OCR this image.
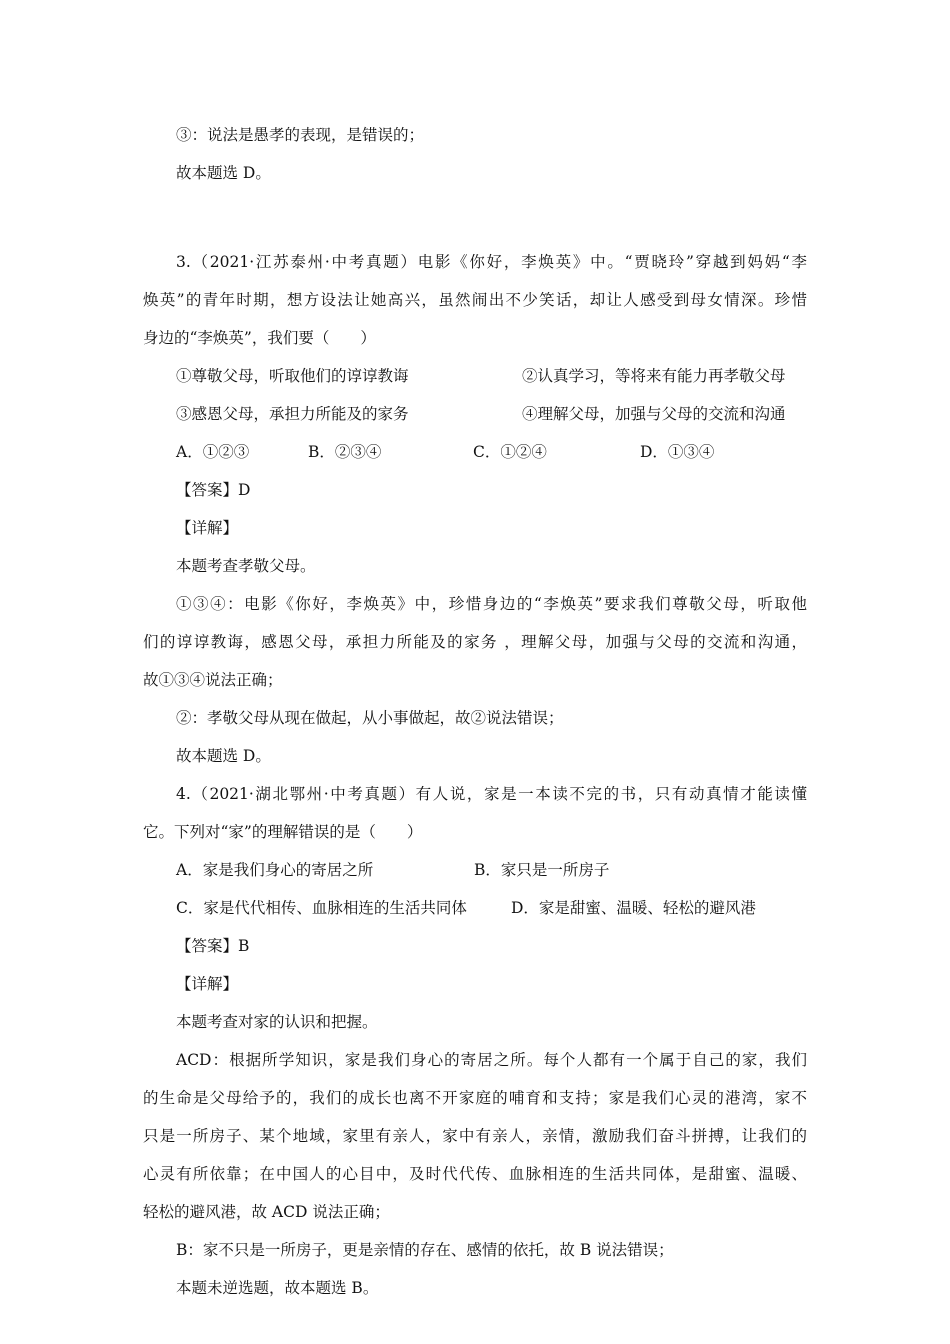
③：说法是愚孝的表现，是错误的；
故本题选 D。
3.（2021·江苏泰州·中考真题）电影《你好，李焕英》中。“贾晓玲”穿越到妈妈“李
焕英”的青年时期，想方设法让她高兴，虽然闹出不少笑话，却让人感受到母女情深。珍惜
身边的“李焕英”，我们要（　　）
①尊敬父母，听取他们的谆谆教诲	②认真学习，等将来有能力再孝敬父母
③感恩父母，承担力所能及的家务	④理解父母，加强与父母的交流和沟通
A．①②③	B．②③④	C．①②④	D．①③④
【答案】D
【详解】
本题考查孝敬父母。
①③④：电影《你好，李焕英》中，珍惜身边的“李焕英”要求我们尊敬父母，听取他
们的谆谆教诲，感恩父母，承担力所能及的家务 ，理解父母，加强与父母的交流和沟通，
故①③④说法正确；
②：孝敬父母从现在做起，从小事做起，故②说法错误；
故本题选 D。
4.（2021·湖北鄂州·中考真题）有人说，家是一本读不完的书，只有动真情才能读懂
它。下列对“家”的理解错误的是（　　）
A．家是我们身心的寄居之所	B．家只是一所房子
C．家是代代相传、血脉相连的生活共同体	D．家是甜蜜、温暖、轻松的避风港
【答案】B
【详解】
本题考查对家的认识和把握。
ACD：根据所学知识，家是我们身心的寄居之所。每个人都有一个属于自己的家，我们
的生命是父母给予的，我们的成长也离不开家庭的哺育和支持；家是我们心灵的港湾，家不
只是一所房子、某个地域，家里有亲人，家中有亲人，亲情，激励我们奋斗拼搏，让我们的
心灵有所依靠；在中国人的心目中，及时代代传、血脉相连的生活共同体，是甜蜜、温暖、
轻松的避风港，故 ACD 说法正确；
B：家不只是一所房子，更是亲情的存在、感情的依托，故 B 说法错误；
本题未逆选题，故本题选 B。
